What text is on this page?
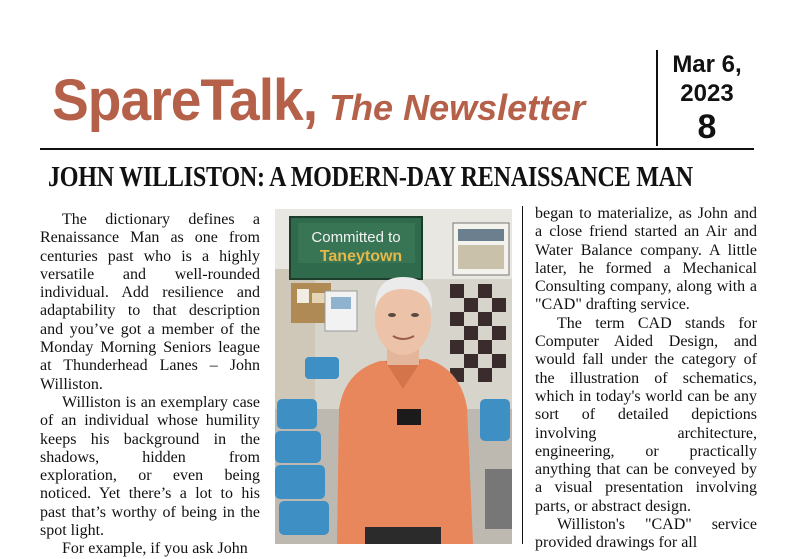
SpareTalk, The Newsletter
Mar 6,
2023
8
JOHN WILLISTON: A MODERN-DAY RENAISSANCE MAN

The dictionary defines a Renaissance Man as one from centuries past who is a highly versatile and well-rounded individual. Add resilience and adaptability to that description and you’ve got a member of the Monday Morning Seniors league at Thunderhead Lanes – John Williston.

Williston is an exemplary case of an individual whose humility keeps his background in the shadows, hidden from exploration, or even being noticed. Yet there’s a lot to his past that’s worthy of being in the spot light.

For example, if you ask John

Committed to
Taneytown

began to materialize, as John and a close friend started an Air and Water Balance company. A little later, he formed a Mechanical Consulting company, along with a "CAD" drafting service.

The term CAD stands for Computer Aided Design, and would fall under the category of the illustration of schematics, which in today's world can be any sort of detailed depictions involving architecture, engineering, or practically anything that can be conveyed by a visual presentation involving parts, or abstract design.

Williston's "CAD" service provided drawings for all
